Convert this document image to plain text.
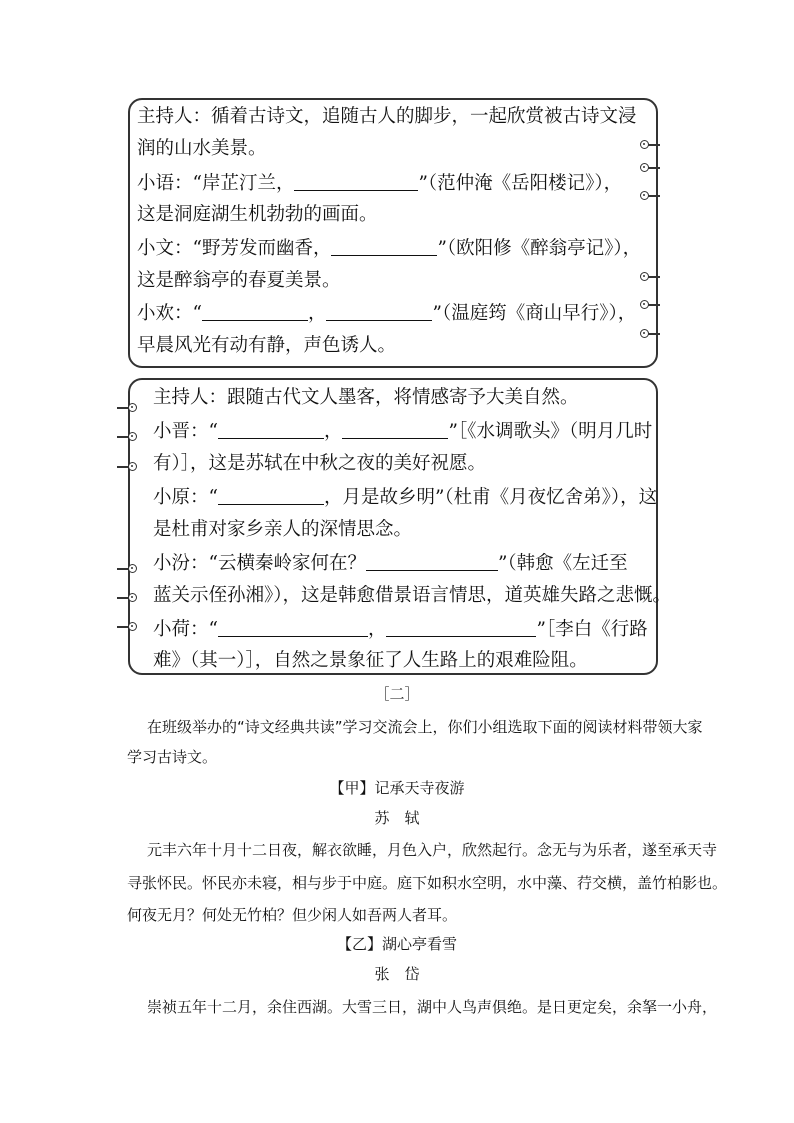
主持人：循着古诗文，追随古人的脚步，一起欣赏被古诗文浸
润的山水美景。
小语：“岸芷汀兰，	”（范仲淹《岳阳楼记》），
这是洞庭湖生机勃勃的画面。
小文：“野芳发而幽香，	”（欧阳修《醉翁亭记》），
这是醉翁亭的春夏美景。
小欢：“	，	”（温庭筠《商山早行》），
早晨风光有动有静，声色诱人。
主持人：跟随古代文人墨客，将情感寄予大美自然。
小晋：“	，	”［《水调歌头》（明月几时
有）］，这是苏轼在中秋之夜的美好祝愿。
小原：“	，月是故乡明”（杜甫《月夜忆舍弟》），这
是杜甫对家乡亲人的深情思念。
小汾：“云横秦岭家何在？	”（韩愈《左迁至
蓝关示侄孙湘》），这是韩愈借景语言情思，道英雄失路之悲慨。
小荷：“	，	”［李白《行路
难》（其一）］，自然之景象征了人生路上的艰难险阻。
［二］
在班级举办的“诗文经典共读”学习交流会上，你们小组选取下面的阅读材料带领大家
学习古诗文。
【甲】记承天寺夜游
苏　轼
元丰六年十月十二日夜，解衣欲睡，月色入户，欣然起行。念无与为乐者，遂至承天寺
寻张怀民。怀民亦未寝，相与步于中庭。庭下如积水空明，水中藻、荇交横，盖竹柏影也。
何夜无月？何处无竹柏？但少闲人如吾两人者耳。
【乙】湖心亭看雪
张　岱
崇祯五年十二月，余住西湖。大雪三日，湖中人鸟声俱绝。是日更定矣，余拏一小舟，
